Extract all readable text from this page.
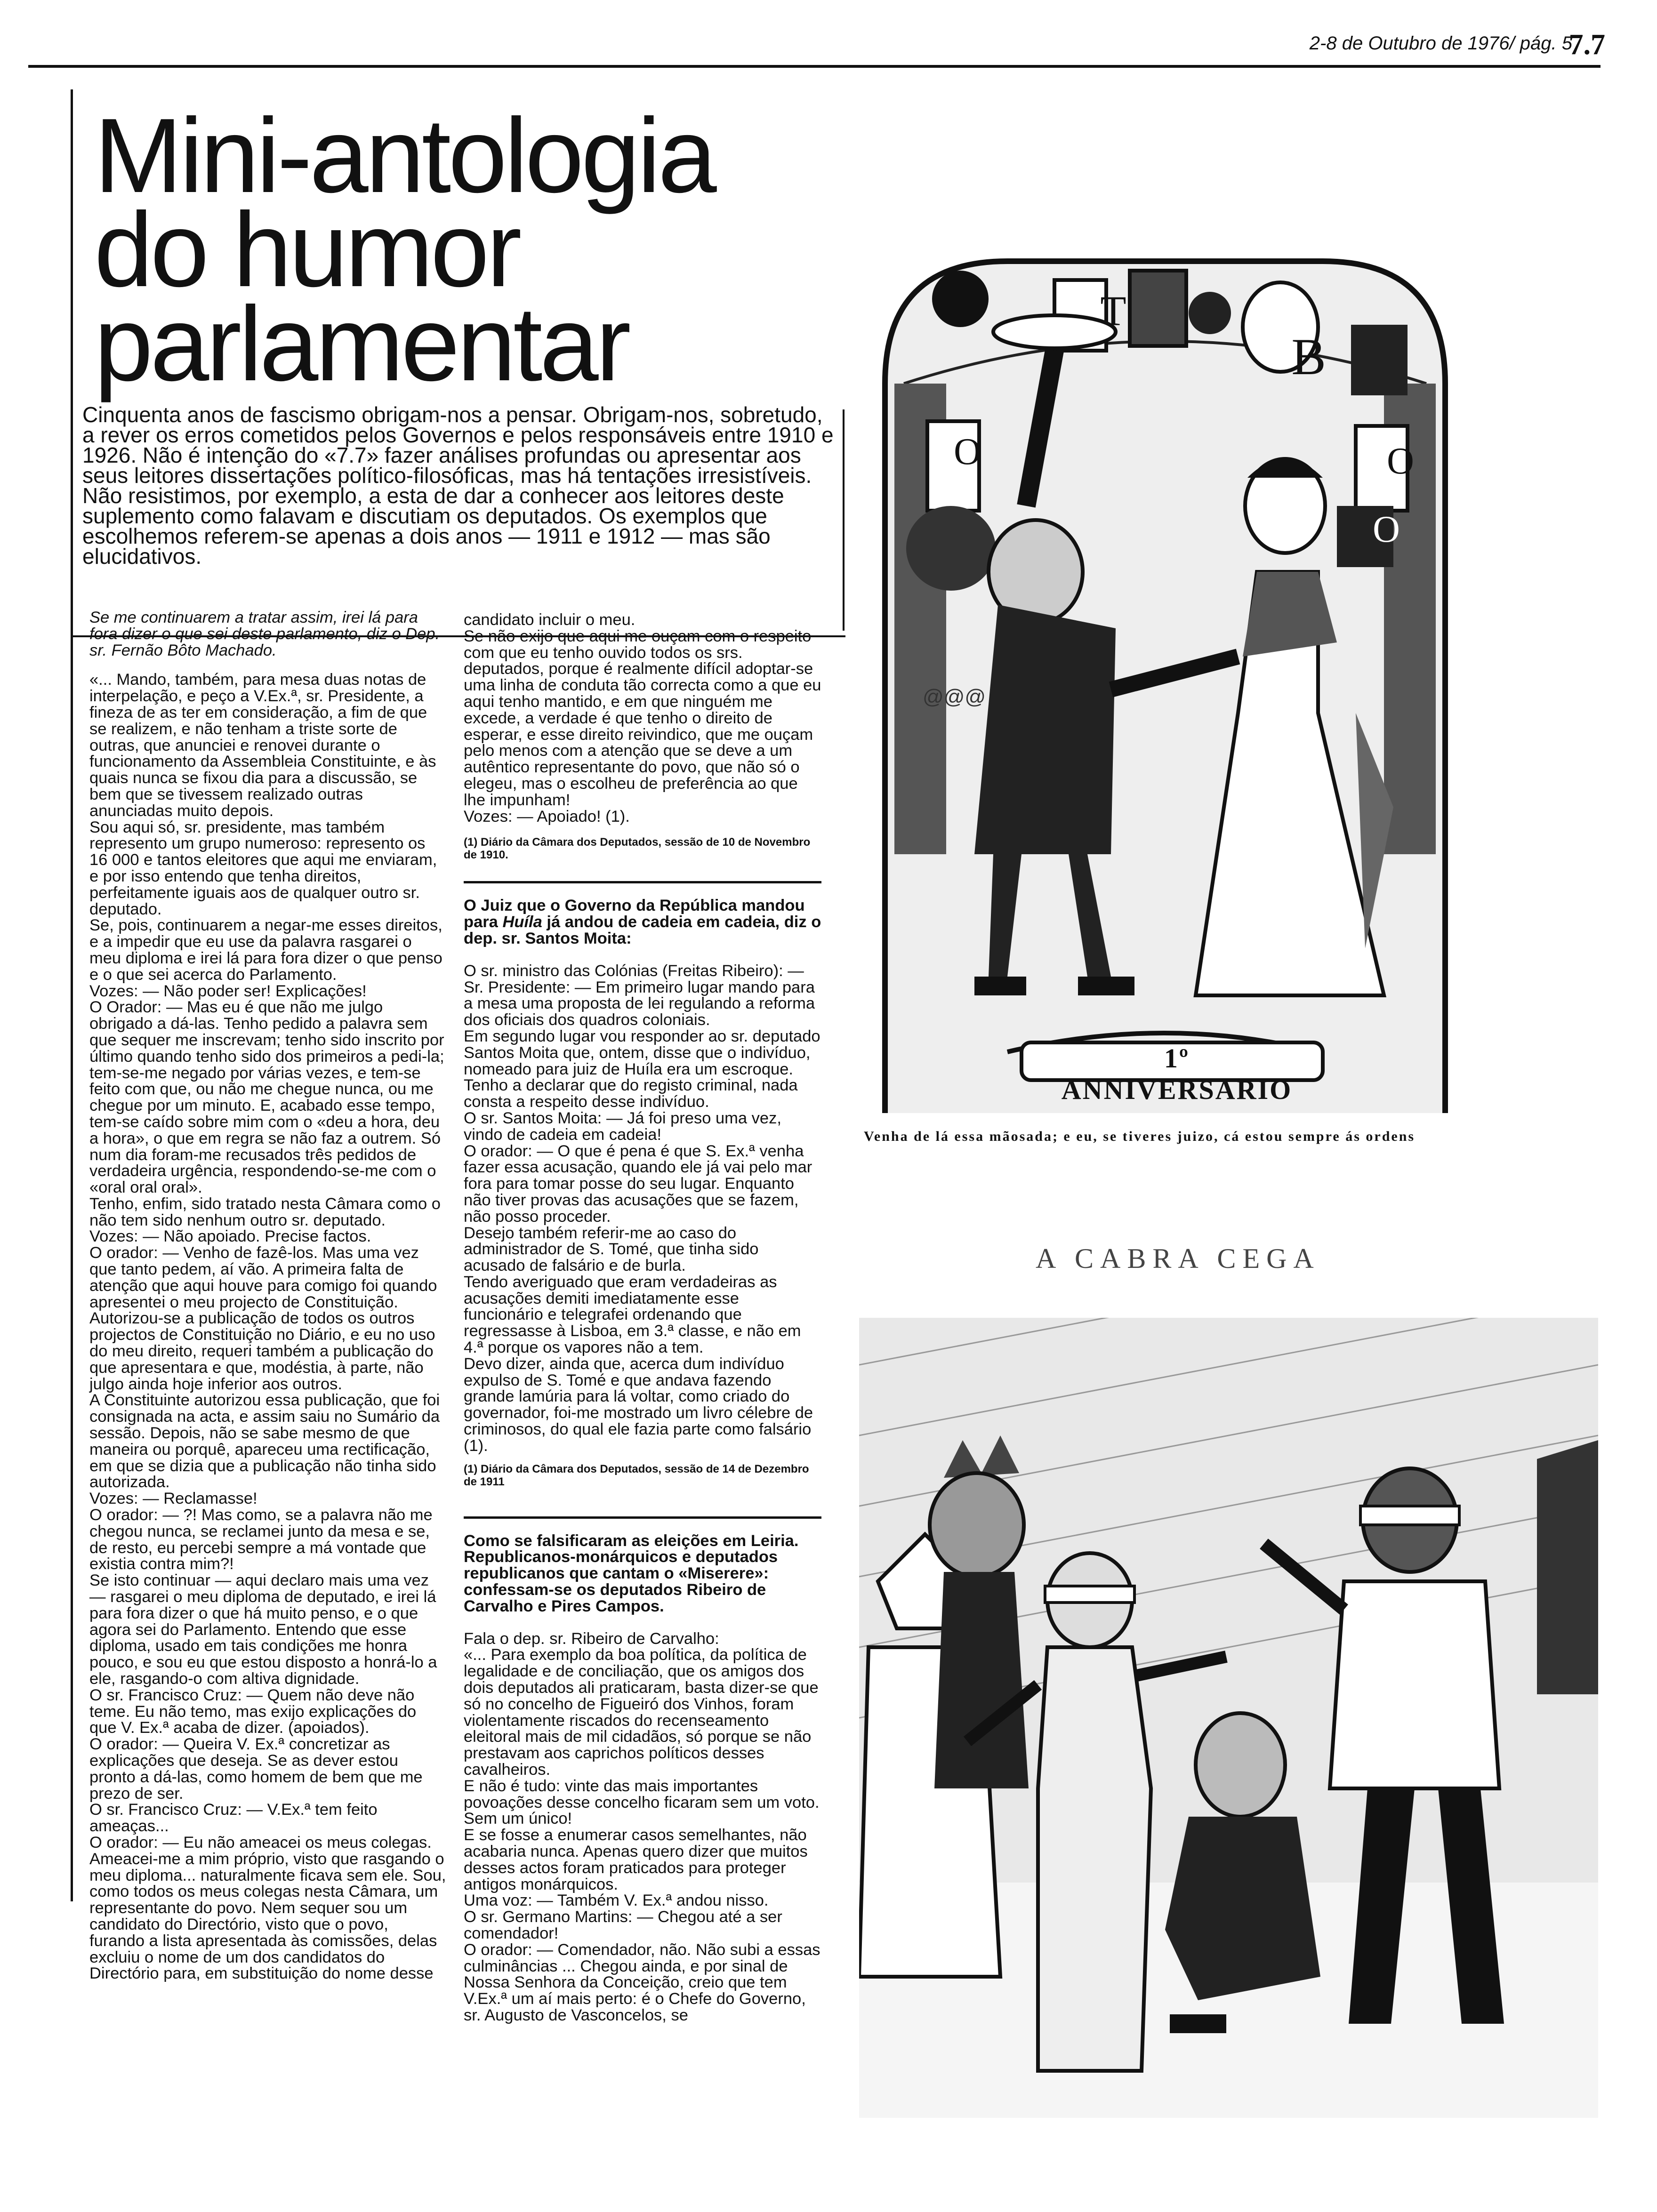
2-8 de Outubro de 1976/ pág. 5
7.7
Mini-antologia do humor parlamentar
Cinquenta anos de fascismo obrigam-nos a pensar. Obrigam-nos, sobretudo, a rever os erros cometidos pelos Governos e pelos responsáveis entre 1910 e 1926. Não é intenção do «7.7» fazer análises profundas ou apresentar aos seus leitores dissertações político-filosóficas, mas há tentações irresistíveis. Não resistimos, por exemplo, a esta de dar a conhecer aos leitores deste suplemento como falavam e discutiam os deputados. Os exemplos que escolhemos referem-se apenas a dois anos — 1911 e 1912 — mas são elucidativos.

Se me continuarem a tratar assim, irei lá para fora dizer o que sei deste parlamento, diz o Dep. sr. Fernão Bôto Machado.

«... Mando, também, para mesa duas notas de interpelação, e peço a V.Ex.ª, sr. Presidente, a fineza de as ter em consideração, a fim de que se realizem, e não tenham a triste sorte de outras, que anunciei e renovei durante o funcionamento da Assembleia Constituinte, e às quais nunca se fixou dia para a discussão, se bem que se tivessem realizado outras anunciadas muito depois.

Sou aqui só, sr. presidente, mas também represento um grupo numeroso: represento os 16 000 e tantos eleitores que aqui me enviaram, e por isso entendo que tenha direitos, perfeitamente iguais aos de qualquer outro sr. deputado.

Se, pois, continuarem a negar-me esses direitos, e a impedir que eu use da palavra rasgarei o meu diploma e irei lá para fora dizer o que penso e o que sei acerca do Parlamento.

Vozes: — Não poder ser! Explicações!

O Orador: — Mas eu é que não me julgo obrigado a dá-las. Tenho pedido a palavra sem que sequer me inscrevam; tenho sido inscrito por último quando tenho sido dos primeiros a pedi-la; tem-se-me negado por várias vezes, e tem-se feito com que, ou não me chegue nunca, ou me chegue por um minuto. E, acabado esse tempo, tem-se caído sobre mim com o «deu a hora, deu a hora», o que em regra se não faz a outrem. Só num dia foram-me recusados três pedidos de verdadeira urgência, respondendo-se-me com o «oral oral oral».

Tenho, enfim, sido tratado nesta Câmara como o não tem sido nenhum outro sr. deputado.

Vozes: — Não apoiado. Precise factos.

O orador: — Venho de fazê-los. Mas uma vez que tanto pedem, aí vão. A primeira falta de atenção que aqui houve para comigo foi quando apresentei o meu projecto de Constituição. Autorizou-se a publicação de todos os outros projectos de Constituição no Diário, e eu no uso do meu direito, requeri também a publicação do que apresentara e que, modéstia, à parte, não julgo ainda hoje inferior aos outros.

A Constituinte autorizou essa publicação, que foi consignada na acta, e assim saiu no Sumário da sessão. Depois, não se sabe mesmo de que maneira ou porquê, apareceu uma rectificação, em que se dizia que a publicação não tinha sido autorizada.

Vozes: — Reclamasse!

O orador: — ?! Mas como, se a palavra não me chegou nunca, se reclamei junto da mesa e se, de resto, eu percebi sempre a má vontade que existia contra mim?!

Se isto continuar — aqui declaro mais uma vez — rasgarei o meu diploma de deputado, e irei lá para fora dizer o que há muito penso, e o que agora sei do Parlamento. Entendo que esse diploma, usado em tais condições me honra pouco, e sou eu que estou disposto a honrá-lo a ele, rasgando-o com altiva dignidade.

O sr. Francisco Cruz: — Quem não deve não teme. Eu não temo, mas exijo explicações do que V. Ex.ª acaba de dizer. (apoiados).

O orador: — Queira V. Ex.ª concretizar as explicações que deseja. Se as dever estou pronto a dá-las, como homem de bem que me prezo de ser.

O sr. Francisco Cruz: — V.Ex.ª tem feito ameaças...

O orador: — Eu não ameacei os meus colegas. Ameacei-me a mim próprio, visto que rasgando o meu diploma... naturalmente ficava sem ele. Sou, como todos os meus colegas nesta Câmara, um representante do povo. Nem sequer sou um candidato do Directório, visto que o povo, furando a lista apresentada às comissões, delas excluiu o nome de um dos candidatos do Directório para, em substituição do nome desse

candidato incluir o meu.

Se não exijo que aqui me ouçam com o respeito com que eu tenho ouvido todos os srs. deputados, porque é realmente difícil adoptar-se uma linha de conduta tão correcta como a que eu aqui tenho mantido, e em que ninguém me excede, a verdade é que tenho o direito de esperar, e esse direito reivindico, que me ouçam pelo menos com a atenção que se deve a um autêntico representante do povo, que não só o elegeu, mas o escolheu de preferência ao que lhe impunham!

Vozes: — Apoiado! (1).

(1) Diário da Câmara dos Deputados, sessão de 10 de Novembro de 1910.

O Juiz que o Governo da República mandou para Huíla já andou de cadeia em cadeia, diz o dep. sr. Santos Moita:

O sr. ministro das Colónias (Freitas Ribeiro): — Sr. Presidente: — Em primeiro lugar mando para a mesa uma proposta de lei regulando a reforma dos oficiais dos quadros coloniais.

Em segundo lugar vou responder ao sr. deputado Santos Moita que, ontem, disse que o indivíduo, nomeado para juiz de Huíla era um escroque. Tenho a declarar que do registo criminal, nada consta a respeito desse indivíduo.

O sr. Santos Moita: — Já foi preso uma vez, vindo de cadeia em cadeia!

O orador: — O que é pena é que S. Ex.ª venha fazer essa acusação, quando ele já vai pelo mar fora para tomar posse do seu lugar. Enquanto não tiver provas das acusações que se fazem, não posso proceder.

Desejo também referir-me ao caso do administrador de S. Tomé, que tinha sido acusado de falsário e de burla.

Tendo averiguado que eram verdadeiras as acusações demiti imediatamente esse funcionário e telegrafei ordenando que regressasse à Lisboa, em 3.ª classe, e não em 4.ª porque os vapores não a tem.

Devo dizer, ainda que, acerca dum indivíduo expulso de S. Tomé e que andava fazendo grande lamúria para lá voltar, como criado do governador, foi-me mostrado um livro célebre de criminosos, do qual ele fazia parte como falsário (1).

(1) Diário da Câmara dos Deputados, sessão de 14 de Dezembro de 1911

Como se falsificaram as eleições em Leiria. Republicanos-monárquicos e deputados republicanos que cantam o «Miserere»: confessam-se os deputados Ribeiro de Carvalho e Pires Campos.

Fala o dep. sr. Ribeiro de Carvalho:

«... Para exemplo da boa política, da política de legalidade e de conciliação, que os amigos dos dois deputados ali praticaram, basta dizer-se que só no concelho de Figueiró dos Vinhos, foram violentamente riscados do recenseamento eleitoral mais de mil cidadãos, só porque se não prestavam aos caprichos políticos desses cavalheiros.

E não é tudo: vinte das mais importantes povoações desse concelho ficaram sem um voto. Sem um único!

E se fosse a enumerar casos semelhantes, não acabaria nunca. Apenas quero dizer que muitos desses actos foram praticados para proteger antigos monárquicos.

Uma voz: — Também V. Ex.ª andou nisso.

O sr. Germano Martins: — Chegou até a ser comendador!

O orador: — Comendador, não. Não subi a essas culminâncias ... Chegou ainda, e por sinal de Nossa Senhora da Conceição, creio que tem V.Ex.ª um aí mais perto: é o Chefe do Governo, sr. Augusto de Vasconcelos, se

@@@
1º ANNIVERSARIO
T
B
O	O
O
Venha de lá essa mãosada; e eu, se tiveres juizo, cá estou sempre ás ordens
A CABRA CEGA
